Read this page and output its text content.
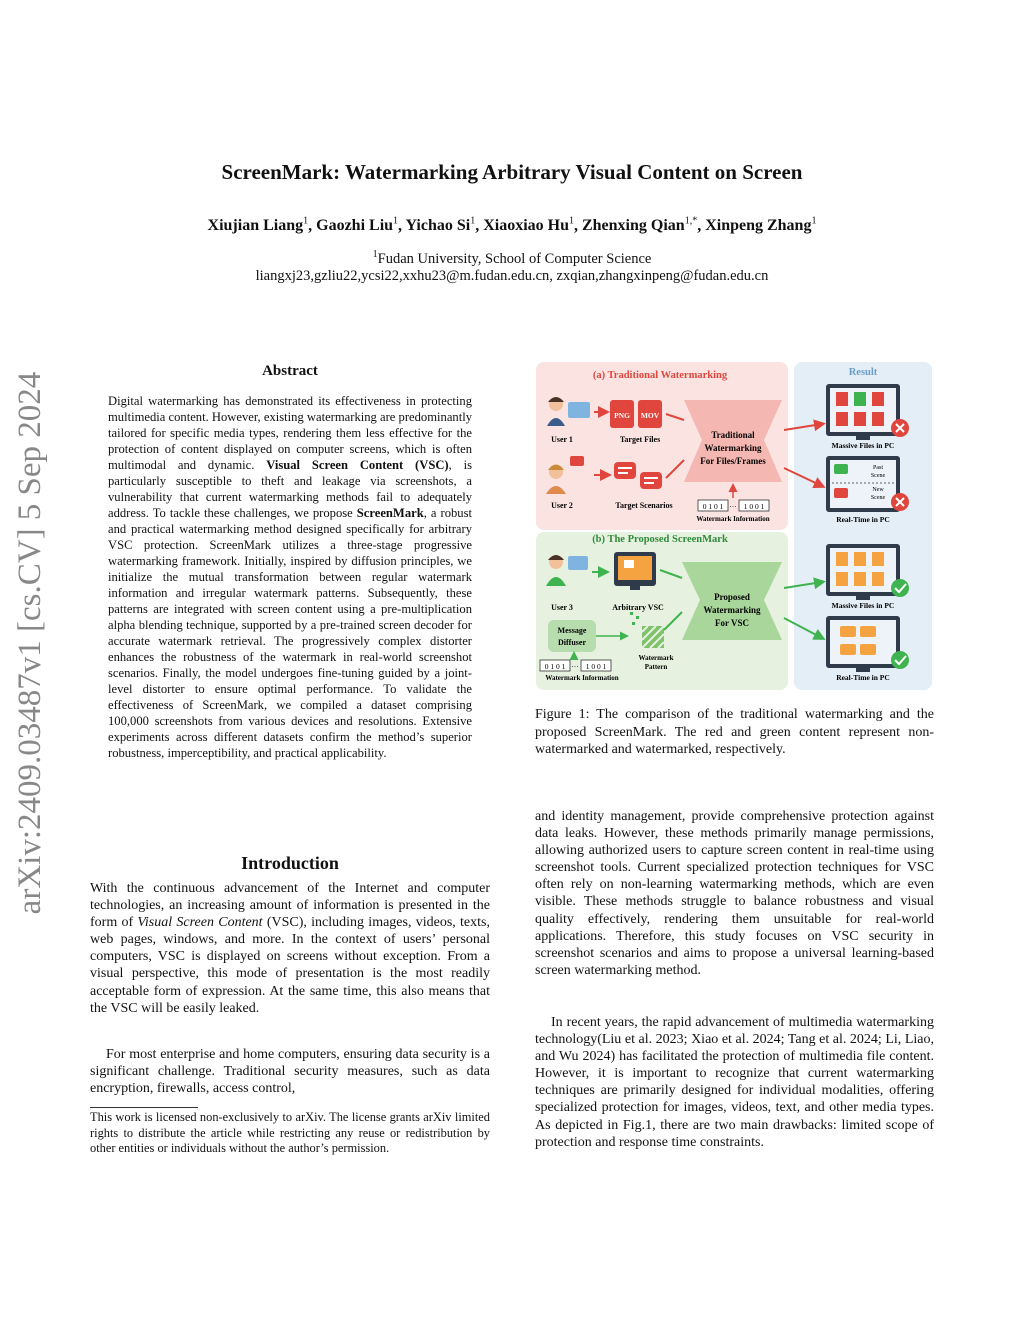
ScreenMark: Watermarking Arbitrary Visual Content on Screen
Xiujian Liang$^1$, Gaozhi Liu$^1$, Yichao Si$^1$, Xiaoxiao Hu$^1$, Zhenxing Qian$^{1,*}$, Xinpeng Zhang$^1$
$^1$Fudan University, School of Computer Science
liangxj23,gzliu22,ycsi22,xxhu23@m.fudan.edu.cn, zxqian,zhangxinpeng@fudan.edu.cn
arXiv:2409.03487v1 [cs.CV] 5 Sep 2024
Abstract
Digital watermarking has demonstrated its effectiveness in protecting multimedia content. However, existing watermarking are predominantly tailored for specific media types, rendering them less effective for the protection of content displayed on computer screens, which is often multimodal and dynamic. Visual Screen Content (VSC), is particularly susceptible to theft and leakage via screenshots, a vulnerability that current watermarking methods fail to adequately address. To tackle these challenges, we propose ScreenMark, a robust and practical watermarking method designed specifically for arbitrary VSC protection. ScreenMark utilizes a three-stage progressive watermarking framework. Initially, inspired by diffusion principles, we initialize the mutual transformation between regular watermark information and irregular watermark patterns. Subsequently, these patterns are integrated with screen content using a pre-multiplication alpha blending technique, supported by a pre-trained screen decoder for accurate watermark retrieval. The progressively complex distorter enhances the robustness of the watermark in real-world screenshot scenarios. Finally, the model undergoes fine-tuning guided by a joint-level distorter to ensure optimal performance. To validate the effectiveness of ScreenMark, we compiled a dataset comprising 100,000 screenshots from various devices and resolutions. Extensive experiments across different datasets confirm the method’s superior robustness, imperceptibility, and practical applicability.
Introduction
With the continuous advancement of the Internet and computer technologies, an increasing amount of information is presented in the form of Visual Screen Content (VSC), including images, videos, texts, web pages, windows, and more. In the context of users’ personal computers, VSC is displayed on screens without exception. From a visual perspective, this mode of presentation is the most readily acceptable form of expression. At the same time, this also means that the VSC will be easily leaked.
For most enterprise and home computers, ensuring data security is a significant challenge. Traditional security measures, such as data encryption, firewalls, access control,
This work is licensed non-exclusively to arXiv. The license grants arXiv limited rights to distribute the article while restricting any reuse or redistribution by other entities or individuals without the author’s permission.
(a) Traditional Watermarking
(b) The Proposed ScreenMark
Result
User 1
User 2
PNG MOV
Target Files
Target Scenarios
Traditional
Watermarking
For Files/Frames
0 1 0 1 ··· 1 0 0 1
Watermark Information
Massive Files in PC
Past
Scene
New
Scene
Real-Time in PC
User 3	Arbitrary VSC
Message
Diffuser
Watermark
Pattern
0 1 0 1 ··· 1 0 0 1
Watermark Information
Proposed
Watermarking
For VSC
Massive Files in PC
Real-Time in PC
Figure 1: The comparison of the traditional watermarking and the proposed ScreenMark. The red and green content represent non-watermarked and watermarked, respectively.
and identity management, provide comprehensive protection against data leaks. However, these methods primarily manage permissions, allowing authorized users to capture screen content in real-time using screenshot tools. Current specialized protection techniques for VSC often rely on non-learning watermarking methods, which are even visible. These methods struggle to balance robustness and visual quality effectively, rendering them unsuitable for real-world applications. Therefore, this study focuses on VSC security in screenshot scenarios and aims to propose a universal learning-based screen watermarking method.
In recent years, the rapid advancement of multimedia watermarking technology(Liu et al. 2023; Xiao et al. 2024; Tang et al. 2024; Li, Liao, and Wu 2024) has facilitated the protection of multimedia file content. However, it is important to recognize that current watermarking techniques are primarily designed for individual modalities, offering specialized protection for images, videos, text, and other media types. As depicted in Fig.1, there are two main drawbacks: limited scope of protection and response time constraints.
